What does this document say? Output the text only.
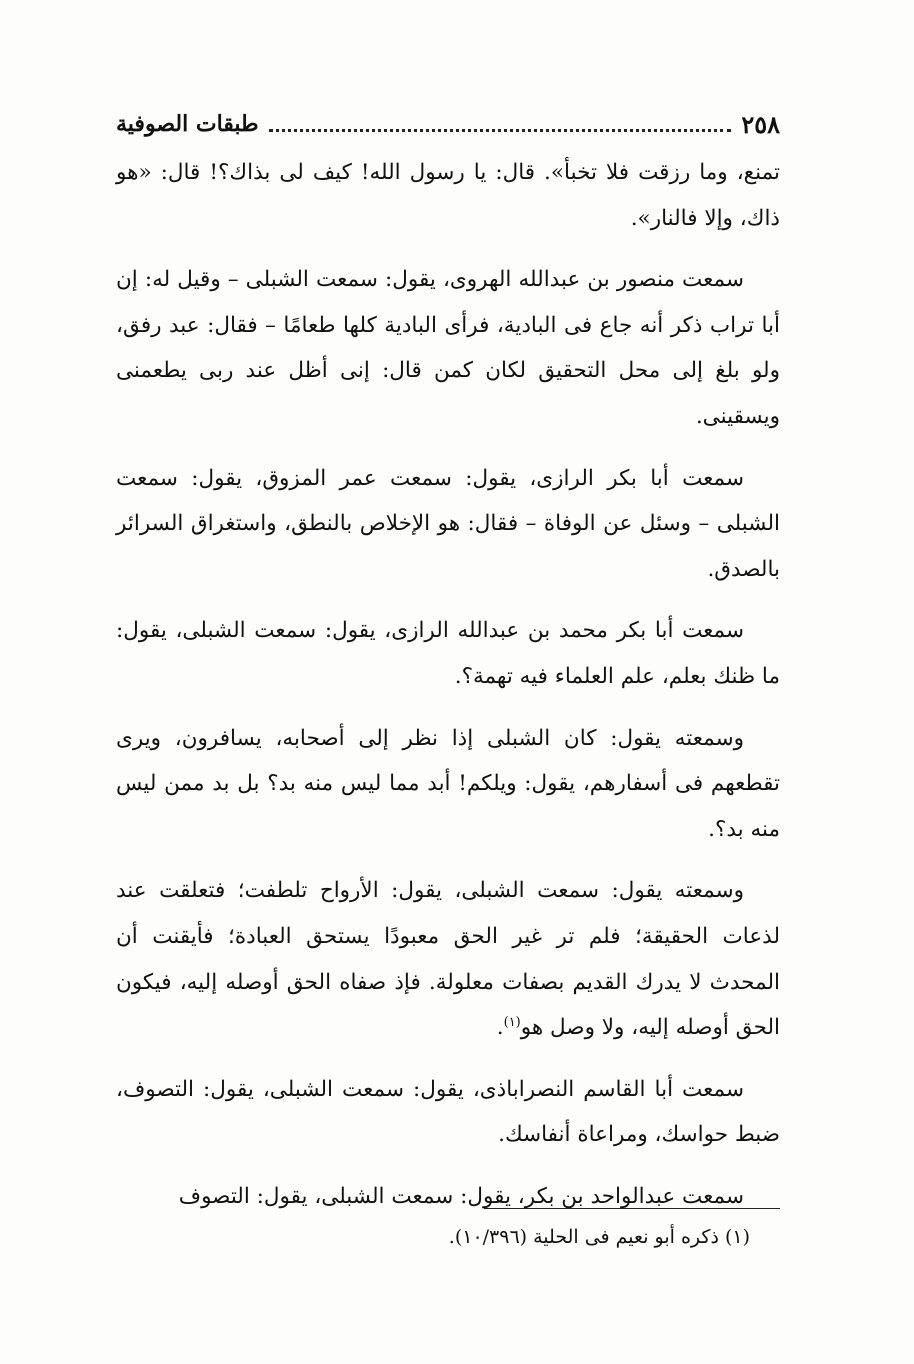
٢٥٨
طبقات الصوفية

تمنع، وما رزقت فلا تخبأ». قال: يا رسول الله! كيف لى بذاك؟! قال: «هو ذاك، وإلا فالنار».

سمعت منصور بن عبدالله الهروى، يقول: سمعت الشبلى – وقيل له: إن أبا تراب ذكر أنه جاع فى البادية، فرأى البادية كلها طعامًا – فقال: عبد رفق، ولو بلغ إلى محل التحقيق لكان كمن قال: إنى أظل عند ربى يطعمنى ويسقينى.

سمعت أبا بكر الرازى، يقول: سمعت عمر المزوق، يقول: سمعت الشبلى – وسئل عن الوفاة – فقال: هو الإخلاص بالنطق، واستغراق السرائر بالصدق.

سمعت أبا بكر محمد بن عبدالله الرازى، يقول: سمعت الشبلى، يقول: ما ظنك بعلم، علم العلماء فيه تهمة؟.

وسمعته يقول: كان الشبلى إذا نظر إلى أصحابه، يسافرون، ويرى تقطعهم فى أسفارهم، يقول: ويلكم! أبد مما ليس منه بد؟ بل بد ممن ليس منه بد؟.

وسمعته يقول: سمعت الشبلى، يقول: الأرواح تلطفت؛ فتعلقت عند لذعات الحقيقة؛ فلم تر غير الحق معبودًا يستحق العبادة؛ فأيقنت أن المحدث لا يدرك القديم بصفات معلولة. فإذ صفاه الحق أوصله إليه، فيكون الحق أوصله إليه، ولا وصل هو$^{(١)}$.

سمعت أبا القاسم النصراباذى، يقول: سمعت الشبلى، يقول: التصوف، ضبط حواسك، ومراعاة أنفاسك.

سمعت عبدالواحد بن بكر، يقول: سمعت الشبلى، يقول: التصوف

(١) ذكره أبو نعيم فى الحلية (١٠/٣٩٦).
